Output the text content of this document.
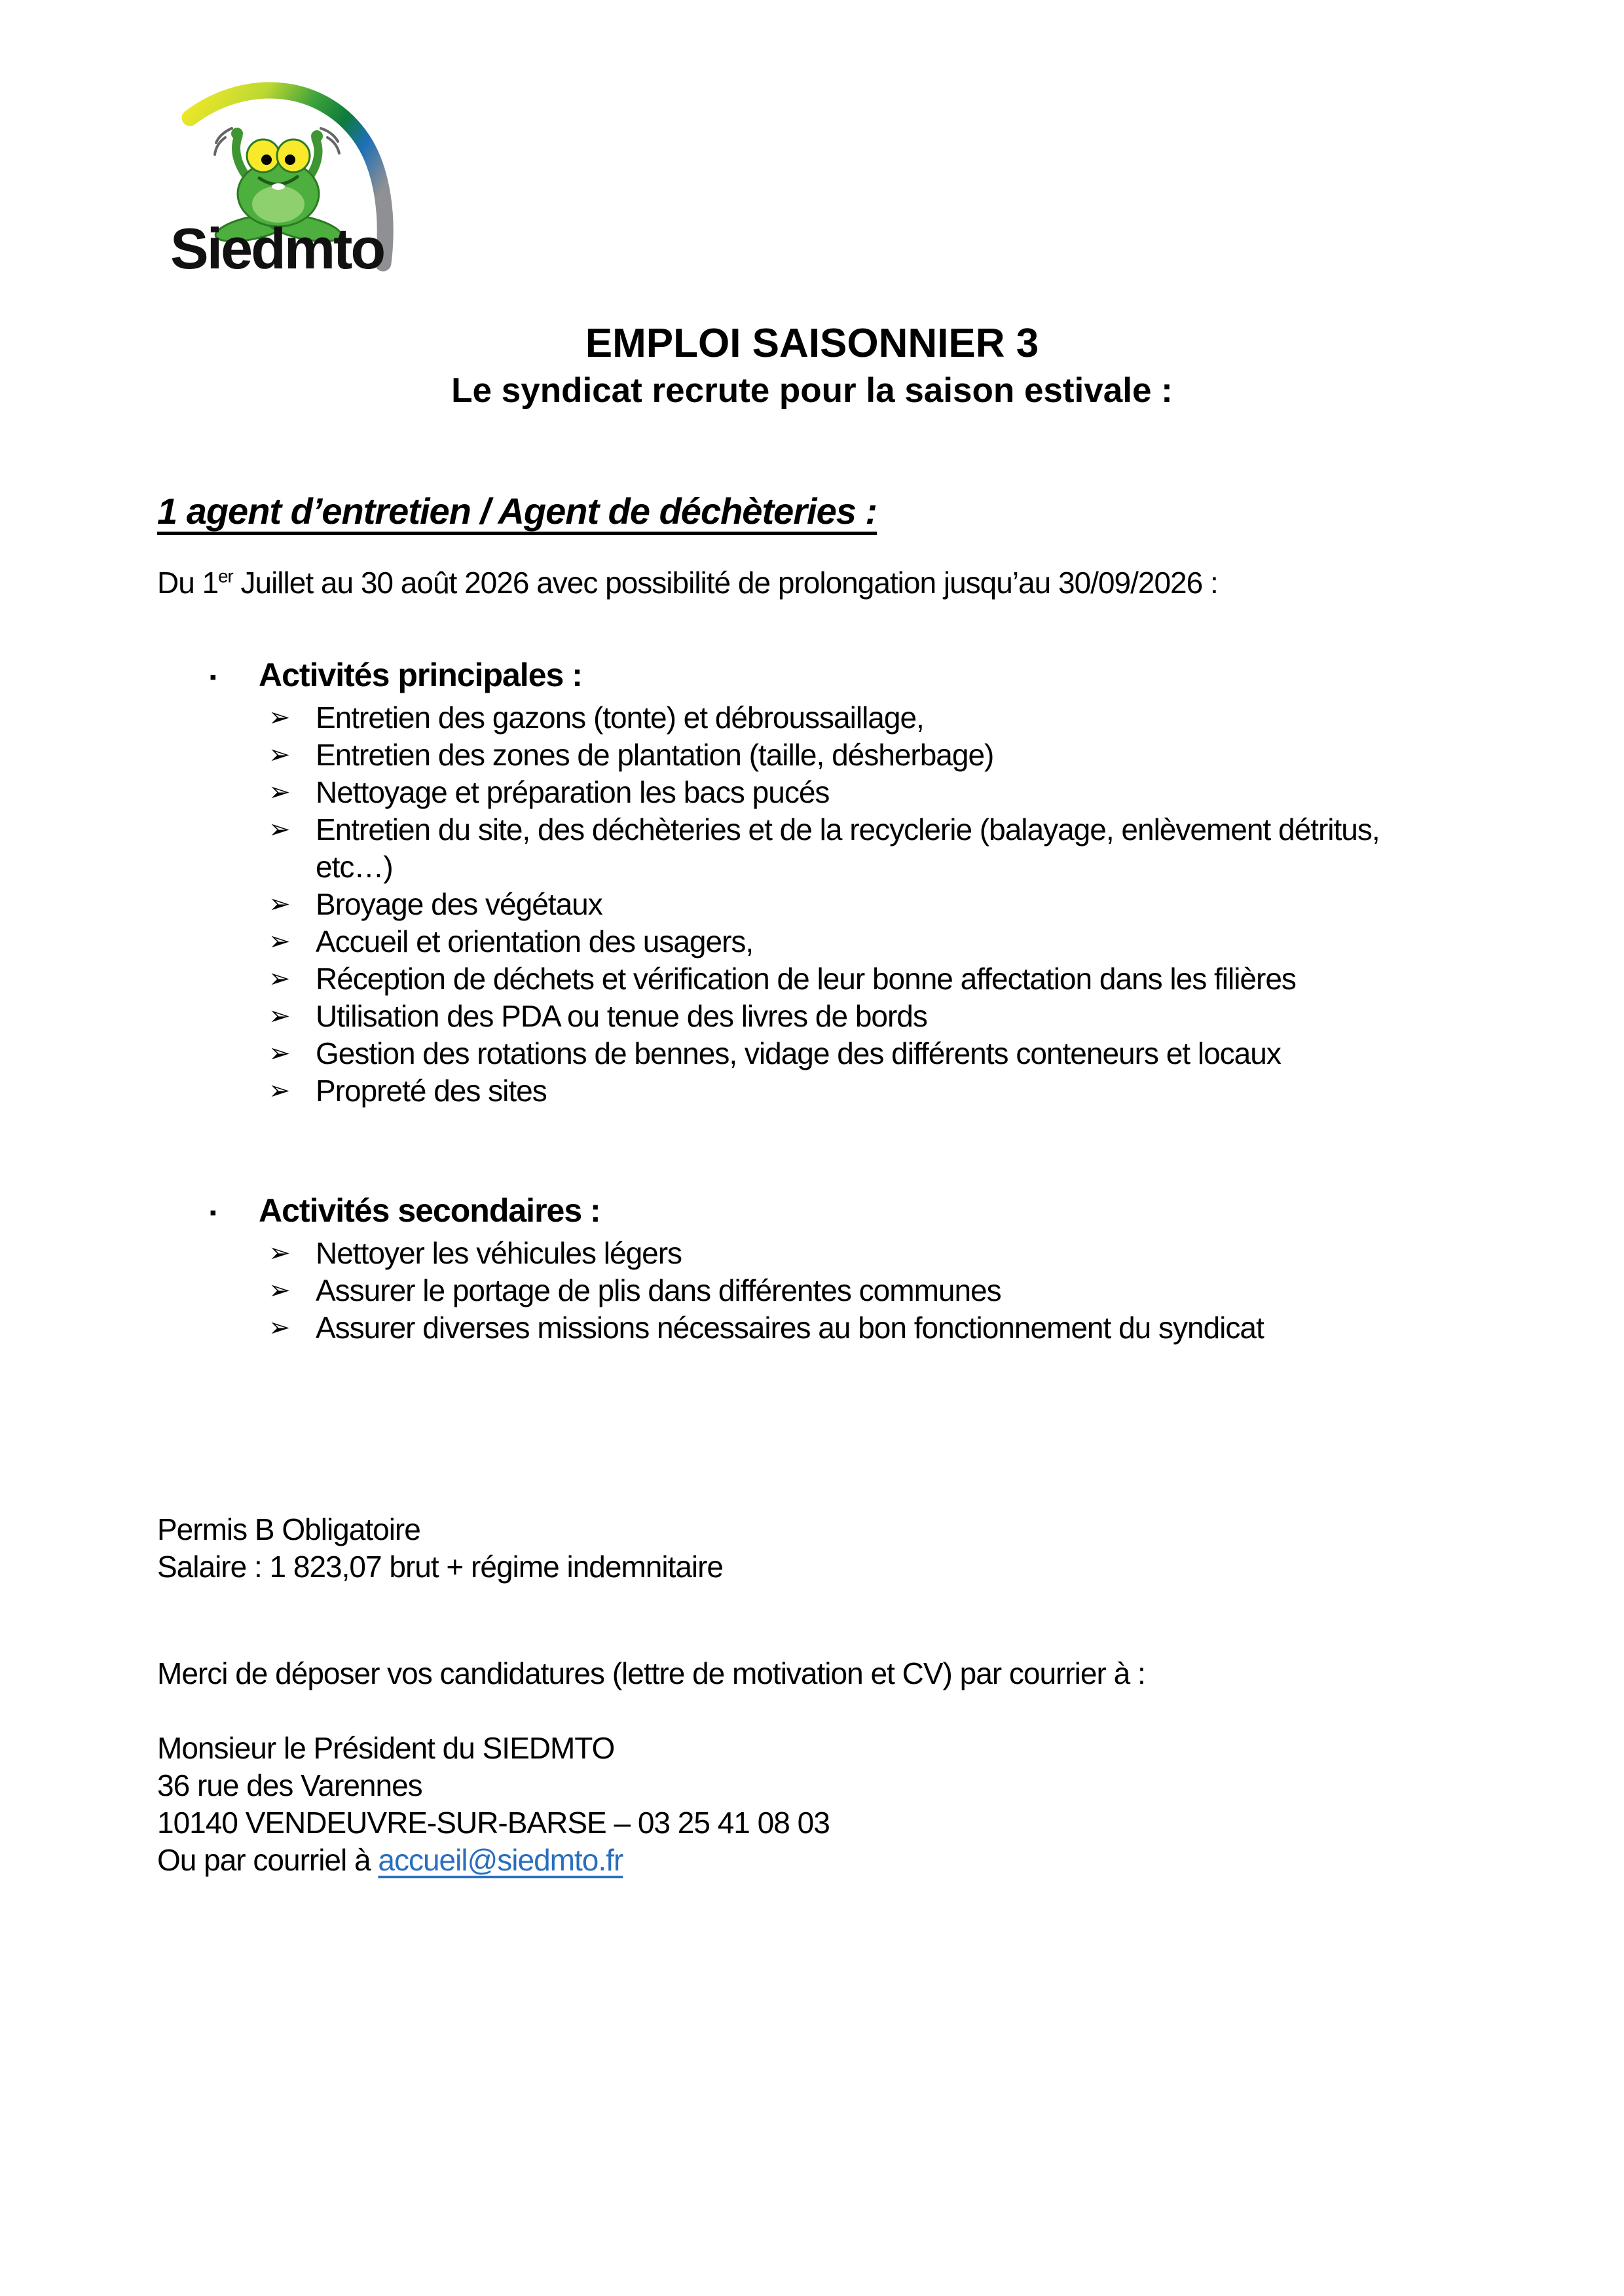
Siedmto
EMPLOI SAISONNIER 3
Le syndicat recrute pour la saison estivale :
1 agent d’entretien / Agent de déchèteries :
Du 1er Juillet au 30 août 2026 avec possibilité de prolongation jusqu’au 30/09/2026 :
▪	Activités principales :
➢ Entretien des gazons (tonte) et débroussaillage,
➢ Entretien des zones de plantation (taille, désherbage)
➢ Nettoyage et préparation les bacs pucés
➢ Entretien du site, des déchèteries et de la recyclerie (balayage, enlèvement détritus, etc…)
➢ Broyage des végétaux
➢ Accueil et orientation des usagers,
➢ Réception de déchets et vérification de leur bonne affectation dans les filières
➢ Utilisation des PDA ou tenue des livres de bords
➢ Gestion des rotations de bennes, vidage des différents conteneurs et locaux
➢ Propreté des sites
▪	Activités secondaires :
➢ Nettoyer les véhicules légers
➢ Assurer le portage de plis dans différentes communes
➢ Assurer diverses missions nécessaires au bon fonctionnement du syndicat
Permis B Obligatoire
Salaire : 1 823,07 brut + régime indemnitaire
Merci de déposer vos candidatures (lettre de motivation et CV) par courrier à :
Monsieur le Président du SIEDMTO
36 rue des Varennes
10140 VENDEUVRE-SUR-BARSE – 03 25 41 08 03
Ou par courriel à accueil@siedmto.fr
